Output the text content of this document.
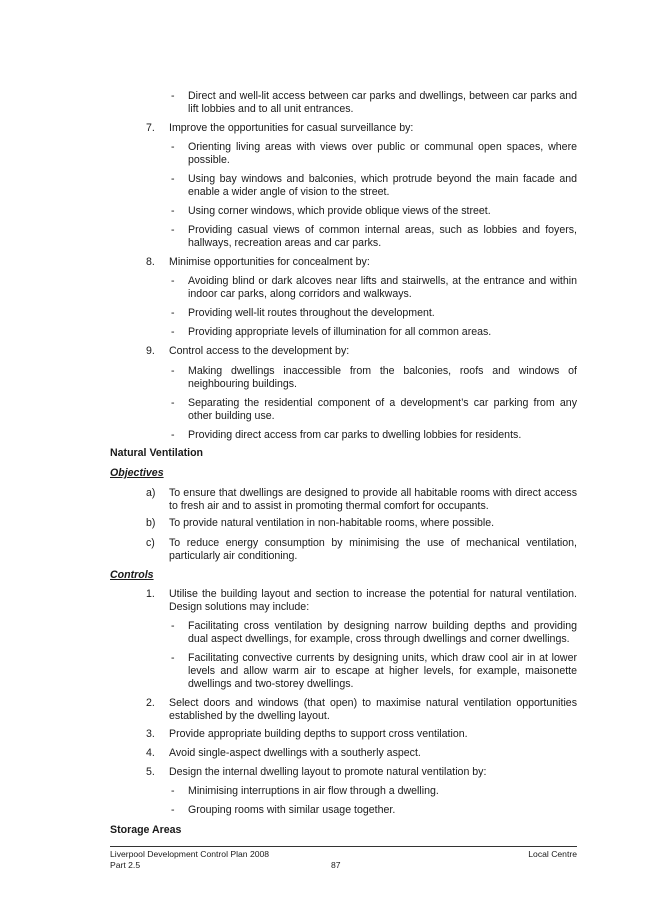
-	Direct and well-lit access between car parks and dwellings, between car parks and lift lobbies and to all unit entrances.
7.	Improve the opportunities for casual surveillance by:
-	Orienting living areas with views over public or communal open spaces, where possible.
-	Using bay windows and balconies, which protrude beyond the main facade and enable a wider angle of vision to the street.
-	Using corner windows, which provide oblique views of the street.
-	Providing casual views of common internal areas, such as lobbies and foyers, hallways, recreation areas and car parks.
8.	Minimise opportunities for concealment by:
-	Avoiding blind or dark alcoves near lifts and stairwells, at the entrance and within indoor car parks, along corridors and walkways.
-	Providing well-lit routes throughout the development.
-	Providing appropriate levels of illumination for all common areas.
9.	Control access to the development by:
-	Making dwellings inaccessible from the balconies, roofs and windows of neighbouring buildings.
-	Separating the residential component of a development’s car parking from any other building use.
-	Providing direct access from car parks to dwelling lobbies for residents.
Natural Ventilation
Objectives
a)	To ensure that dwellings are designed to provide all habitable rooms with direct access to fresh air and to assist in promoting thermal comfort for occupants.
b)	To provide natural ventilation in non-habitable rooms, where possible.
c)	To reduce energy consumption by minimising the use of mechanical ventilation, particularly air conditioning.
Controls
1.	Utilise the building layout and section to increase the potential for natural ventilation. Design solutions may include:
-	Facilitating cross ventilation by designing narrow building depths and providing dual aspect dwellings, for example, cross through dwellings and corner dwellings.
-	Facilitating convective currents by designing units, which draw cool air in at lower levels and allow warm air to escape at higher levels, for example, maisonette dwellings and two-storey dwellings.
2.	Select doors and windows (that open) to maximise natural ventilation opportunities established by the dwelling layout.
3.	Provide appropriate building depths to support cross ventilation.
4.	Avoid single-aspect dwellings with a southerly aspect.
5.	Design the internal dwelling layout to promote natural ventilation by:
-	Minimising interruptions in air flow through a dwelling.
-	Grouping rooms with similar usage together.
Storage Areas
Liverpool Development Control Plan 2008
Part 2.5	87
Local Centre
